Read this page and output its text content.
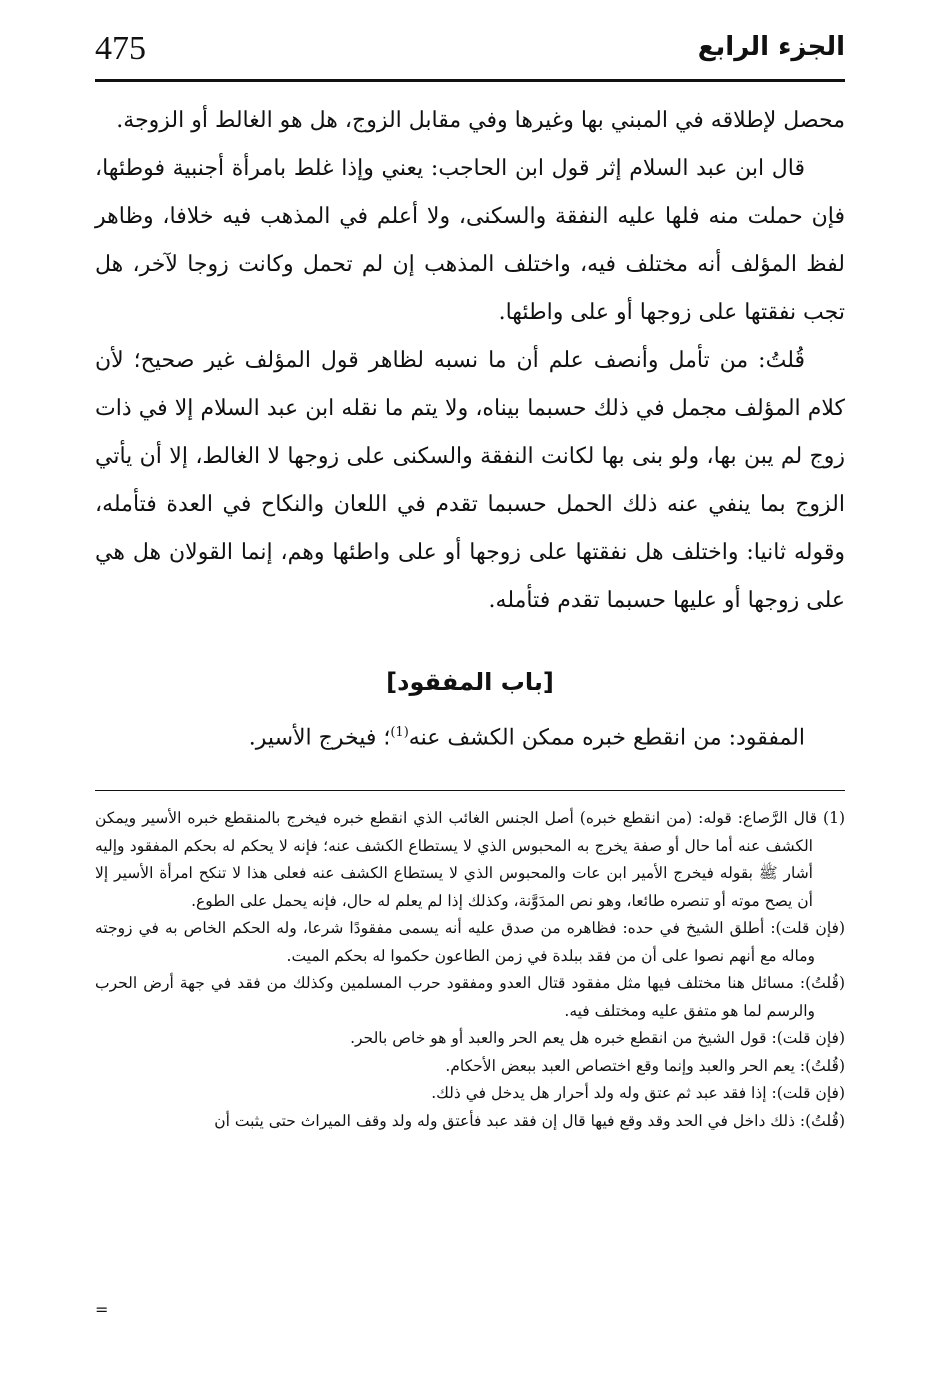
الجزء الرابع
475

محصل لإطلاقه في المبني بها وغيرها وفي مقابل الزوج، هل هو الغالط أو الزوجة.

قال ابن عبد السلام إثر قول ابن الحاجب: يعني وإذا غلط بامرأة أجنبية فوطئها، فإن حملت منه فلها عليه النفقة والسكنى، ولا أعلم في المذهب فيه خلافا، وظاهر لفظ المؤلف أنه مختلف فيه، واختلف المذهب إن لم تحمل وكانت زوجا لآخر، هل تجب نفقتها على زوجها أو على واطئها.

قُلتُ: من تأمل وأنصف علم أن ما نسبه لظاهر قول المؤلف غير صحيح؛ لأن كلام المؤلف مجمل في ذلك حسبما بيناه، ولا يتم ما نقله ابن عبد السلام إلا في ذات زوج لم يبن بها، ولو بنى بها لكانت النفقة والسكنى على زوجها لا الغالط، إلا أن يأتي الزوج بما ينفي عنه ذلك الحمل حسبما تقدم في اللعان والنكاح في العدة فتأمله، وقوله ثانيا: واختلف هل نفقتها على زوجها أو على واطئها وهم، إنما القولان هل هي على زوجها أو عليها حسبما تقدم فتأمله.

[باب المفقود]
المفقود: من انقطع خبره ممكن الكشف عنه$^{(1)}$؛ فيخرج الأسير.

(1) قال الرَّصاع: قوله: (من انقطع خبره) أصل الجنس الغائب الذي انقطع خبره فيخرج بالمنقطع خبره الأسير ويمكن الكشف عنه أما حال أو صفة يخرج به المحبوس الذي لا يستطاع الكشف عنه؛ فإنه لا يحكم له بحكم المفقود وإليه أشار ﷺ بقوله فيخرج الأمير ابن عات والمحبوس الذي لا يستطاع الكشف عنه فعلى هذا لا تنكح امرأة الأسير إلا أن يصح موته أو تنصره طائعا، وهو نص المدَوَّنة، وكذلك إذا لم يعلم له حال، فإنه يحمل على الطوع.

(فإن قلت): أطلق الشيخ في حده: فظاهره من صدق عليه أنه يسمى مفقودًا شرعا، وله الحكم الخاص به في زوجته وماله مع أنهم نصوا على أن من فقد ببلدة في زمن الطاعون حكموا له بحكم الميت.

(قُلتُ): مسائل هنا مختلف فيها مثل مفقود قتال العدو ومفقود حرب المسلمين وكذلك من فقد في جهة أرض الحرب والرسم لما هو متفق عليه ومختلف فيه.

(فإن قلت): قول الشيخ من انقطع خبره هل يعم الحر والعبد أو هو خاص بالحر.

(قُلتُ): يعم الحر والعبد وإنما وقع اختصاص العبد ببعض الأحكام.

(فإن قلت): إذا فقد عبد ثم عتق وله ولد أحرار هل يدخل في ذلك.

(قُلتُ): ذلك داخل في الحد وقد وقع فيها قال إن فقد عبد فأعتق وله ولد وقف الميراث حتى يثبت أن

=
